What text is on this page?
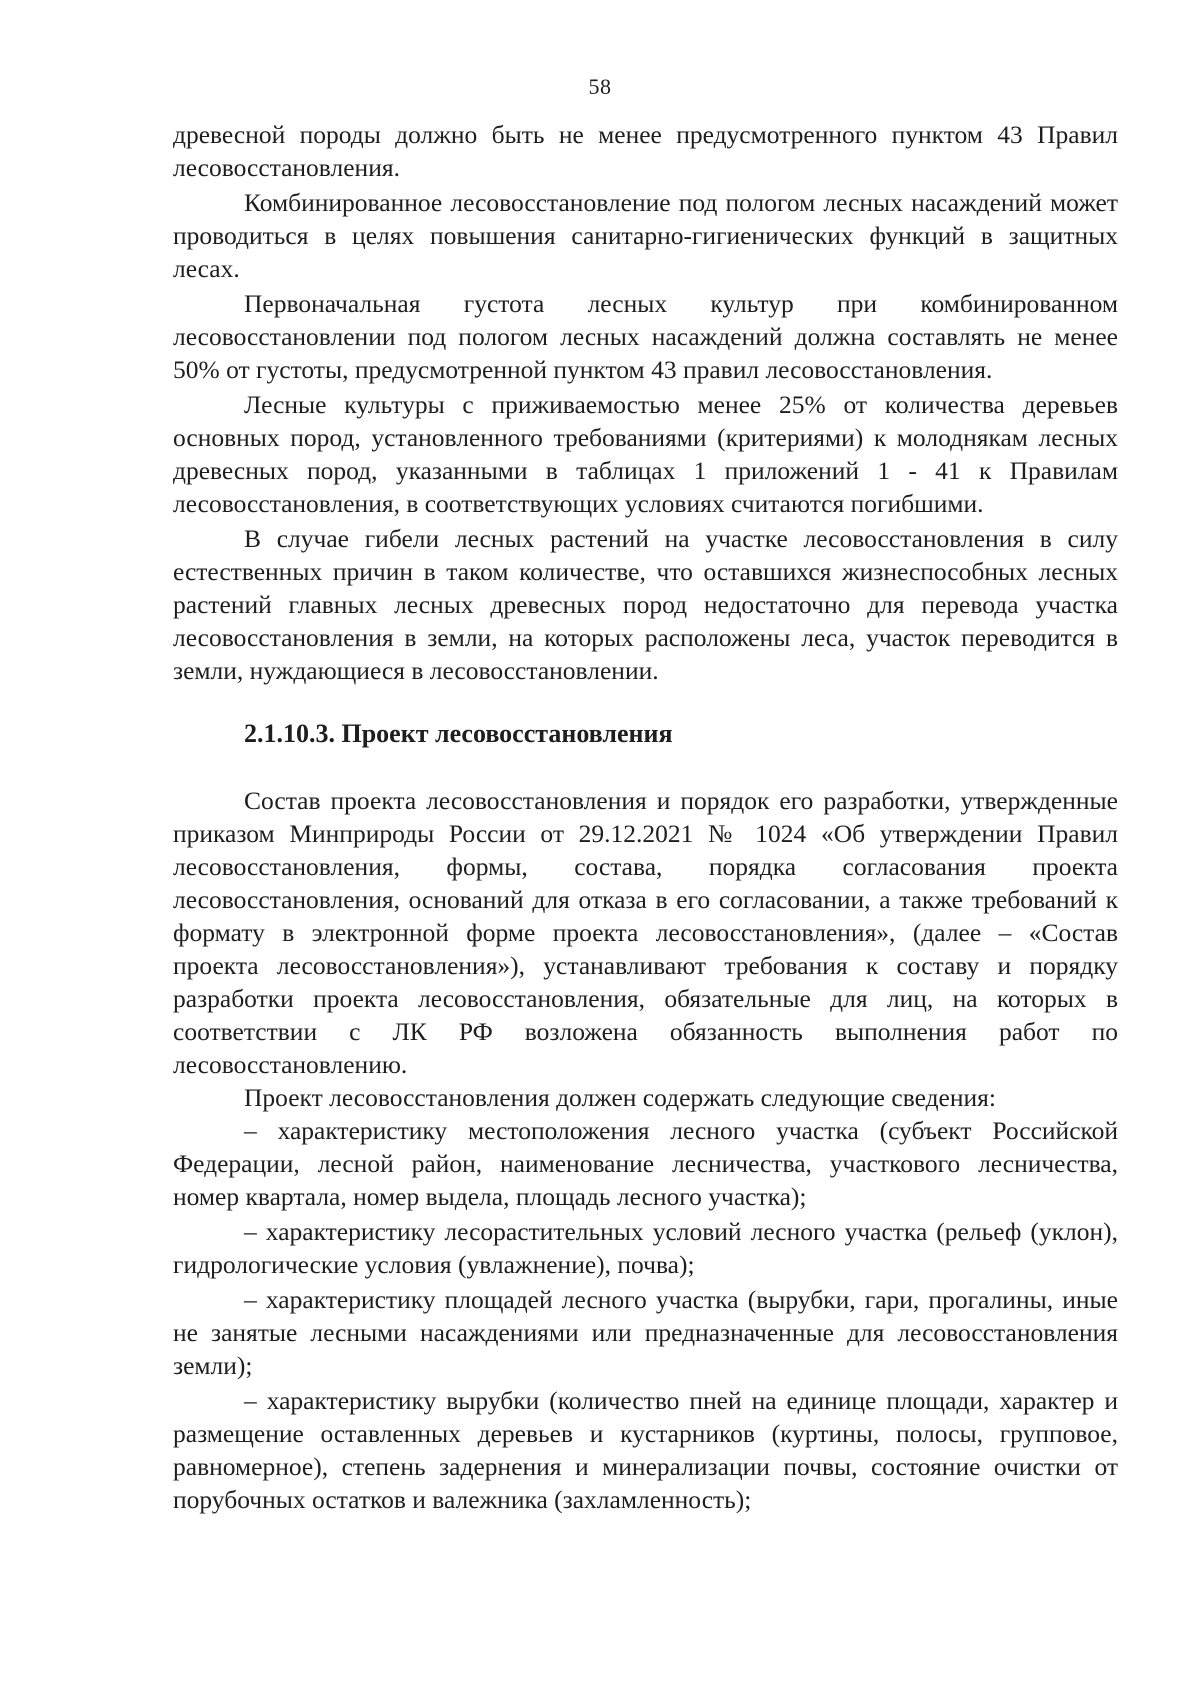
58

древесной породы должно быть не менее предусмотренного пунктом 43 Правил лесовосстановления.

Комбинированное лесовосстановление под пологом лесных насаждений может проводиться в целях повышения санитарно-гигиенических функций в защитных лесах.

Первоначальная густота лесных культур при комбинированном лесовосстановлении под пологом лесных насаждений должна составлять не менее 50% от густоты, предусмотренной пунктом 43 правил лесовосстановления.

Лесные культуры с приживаемостью менее 25% от количества деревьев основных пород, установленного требованиями (критериями) к молоднякам лесных древесных пород, указанными в таблицах 1 приложений 1 - 41 к Правилам лесовосстановления, в соответствующих условиях считаются погибшими.

В случае гибели лесных растений на участке лесовосстановления в силу естественных причин в таком количестве, что оставшихся жизнеспособных лесных растений главных лесных древесных пород недостаточно для перевода участка лесовосстановления в земли, на которых расположены леса, участок переводится в земли, нуждающиеся в лесовосстановлении.

2.1.10.3. Проект лесовосстановления

Состав проекта лесовосстановления и порядок его разработки, утвержденные приказом Минприроды России от 29.12.2021 № 1024 «Об утверждении Правил лесовосстановления, формы, состава, порядка согласования проекта лесовосстановления, оснований для отказа в его согласовании, а также требований к формату в электронной форме проекта лесовосстановления», (далее – «Состав проекта лесовосстановления»), устанавливают требования к составу и порядку разработки проекта лесовосстановления, обязательные для лиц, на которых в соответствии с ЛК РФ возложена обязанность выполнения работ по лесовосстановлению.

Проект лесовосстановления должен содержать следующие сведения:

– характеристику местоположения лесного участка (субъект Российской Федерации, лесной район, наименование лесничества, участкового лесничества, номер квартала, номер выдела, площадь лесного участка);

– характеристику лесорастительных условий лесного участка (рельеф (уклон), гидрологические условия (увлажнение), почва);

– характеристику площадей лесного участка (вырубки, гари, прогалины, иные не занятые лесными насаждениями или предназначенные для лесовосстановления земли);

– характеристику вырубки (количество пней на единице площади, характер и размещение оставленных деревьев и кустарников (куртины, полосы, групповое, равномерное), степень задернения и минерализации почвы, состояние очистки от порубочных остатков и валежника (захламленность);
